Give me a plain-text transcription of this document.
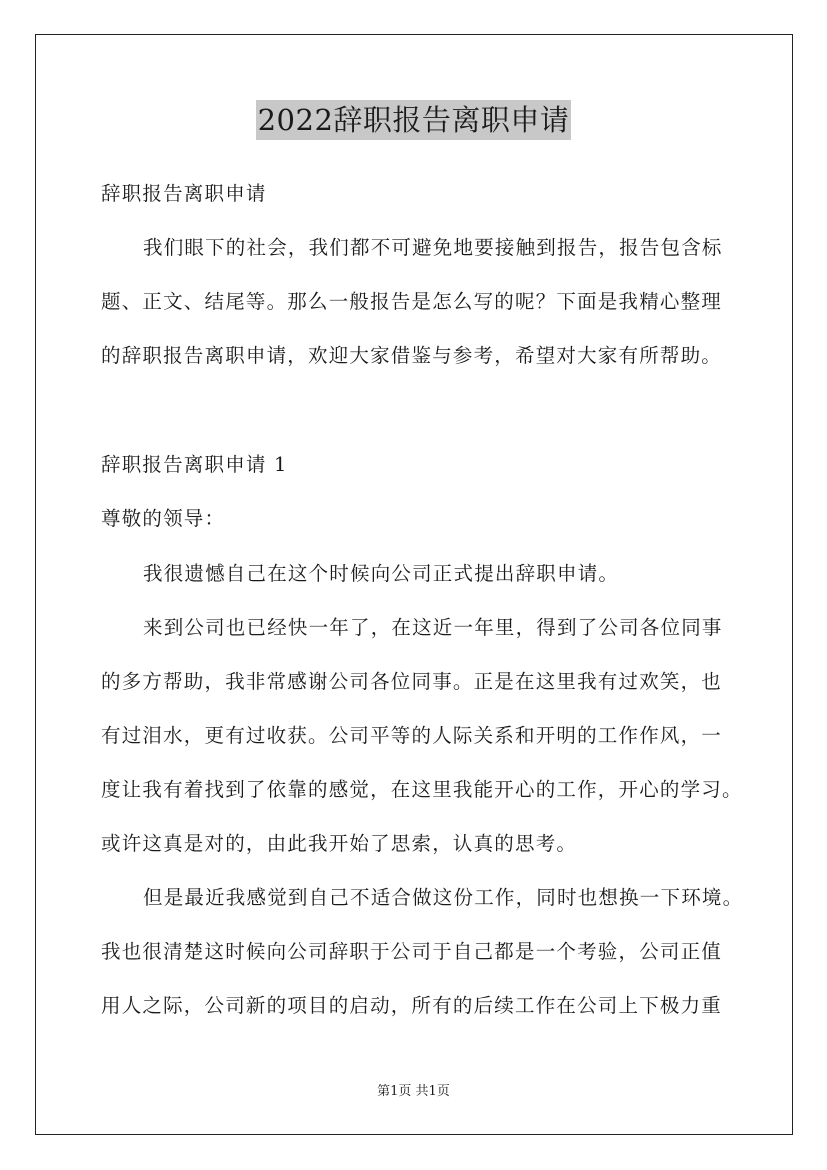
2022辞职报告离职申请
辞职报告离职申请
我们眼下的社会，我们都不可避免地要接触到报告，报告包含标
题、正文、结尾等。那么一般报告是怎么写的呢？下面是我精心整理
的辞职报告离职申请，欢迎大家借鉴与参考，希望对大家有所帮助。
辞职报告离职申请 1
尊敬的领导：
我很遗憾自己在这个时候向公司正式提出辞职申请。
来到公司也已经快一年了，在这近一年里，得到了公司各位同事
的多方帮助，我非常感谢公司各位同事。正是在这里我有过欢笑，也
有过泪水，更有过收获。公司平等的人际关系和开明的工作作风，一
度让我有着找到了依靠的感觉，在这里我能开心的工作，开心的学习。
或许这真是对的，由此我开始了思索，认真的思考。
但是最近我感觉到自己不适合做这份工作，同时也想换一下环境。
我也很清楚这时候向公司辞职于公司于自己都是一个考验，公司正值
用人之际，公司新的项目的启动，所有的后续工作在公司上下极力重
第1页 共1页
